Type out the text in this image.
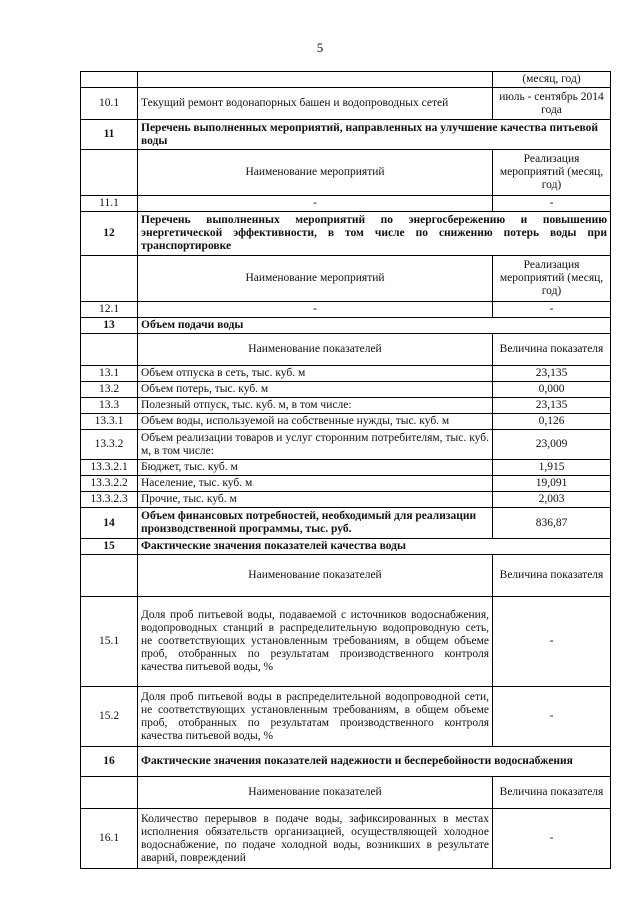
5
		(месяц, год)
10.1	Текущий ремонт водонапорных башен и водопроводных сетей	июль - сентябрь 2014 года
11	Перечень выполненных мероприятий, направленных на улучшение качества питьевой воды	
	Наименование мероприятий	Реализация мероприятий (месяц, год)
11.1	-	-
12	Перечень выполненных мероприятий по энергосбережению и повышению энергетической эффективности, в том числе по снижению потерь воды при транспортировке	
	Наименование мероприятий	Реализация мероприятий (месяц, год)
12.1	-	-
13	Объем подачи воды	
	Наименование показателей	Величина показателя
13.1	Объем отпуска в сеть, тыс. куб. м	23,135
13.2	Объем потерь, тыс. куб. м	0,000
13.3	Полезный отпуск, тыс. куб. м, в том числе:	23,135
13.3.1	Объем воды, используемой на собственные нужды, тыс. куб. м	0,126
13.3.2	Объем реализации товаров и услуг сторонним потребителям, тыс. куб. м, в том числе:	23,009
13.3.2.1	Бюджет, тыс. куб. м	1,915
13.3.2.2	Население, тыс. куб. м	19,091
13.3.2.3	Прочие, тыс. куб. м	2,003
14	Объем финансовых потребностей, необходимый для реализации производственной программы, тыс. руб.	836,87
15	Фактические значения показателей качества воды	
	Наименование показателей	Величина показателя
15.1	Доля проб питьевой воды, подаваемой с источников водоснабжения, водопроводных станций в распределительную водопроводную сеть, не соответствующих установленным требованиям, в общем объеме проб, отобранных по результатам производственного контроля качества питьевой воды, %	-
15.2	Доля проб питьевой воды в распределительной водопроводной сети, не соответствующих установленным требованиям, в общем объеме проб, отобранных по результатам производственного контроля качества питьевой воды, %	-
16	Фактические значения показателей надежности и бесперебойности водоснабжения	
	Наименование показателей	Величина показателя
16.1	Количество перерывов в подаче воды, зафиксированных в местах исполнения обязательств организацией, осуществляющей холодное водоснабжение, по подаче холодной воды, возникших в результате аварий, повреждений	-
